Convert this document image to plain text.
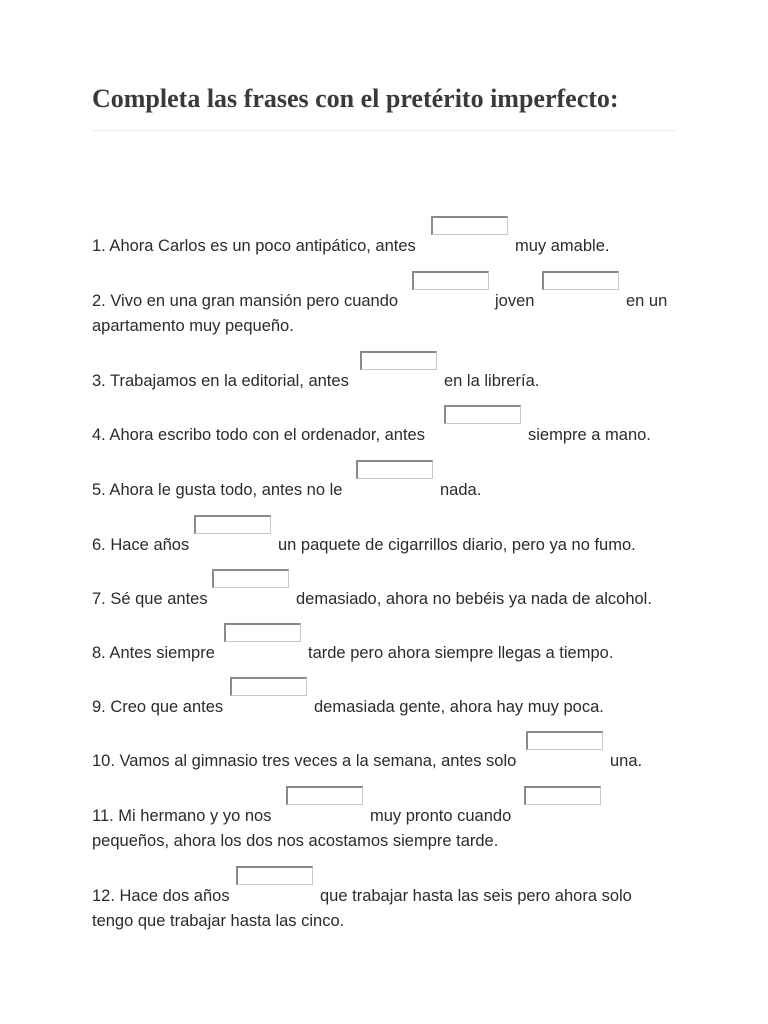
Completa las frases con el pretérito imperfecto:
1. Ahora Carlos es un poco antipático, antes	muy amable.
2. Vivo en una gran mansión pero cuando	joven	en un
apartamento muy pequeño.
3. Trabajamos en la editorial, antes	en la librería.
4. Ahora escribo todo con el ordenador, antes	siempre a mano.
5. Ahora le gusta todo, antes no le	nada.
6. Hace años	un paquete de cigarrillos diario, pero ya no fumo.
7. Sé que antes	demasiado, ahora no bebéis ya nada de alcohol.
8. Antes siempre	tarde pero ahora siempre llegas a tiempo.
9. Creo que antes	demasiada gente, ahora hay muy poca.
10. Vamos al gimnasio tres veces a la semana, antes solo	una.
11. Mi hermano y yo nos	muy pronto cuando
pequeños, ahora los dos nos acostamos siempre tarde.
12. Hace dos años	que trabajar hasta las seis pero ahora solo
tengo que trabajar hasta las cinco.
